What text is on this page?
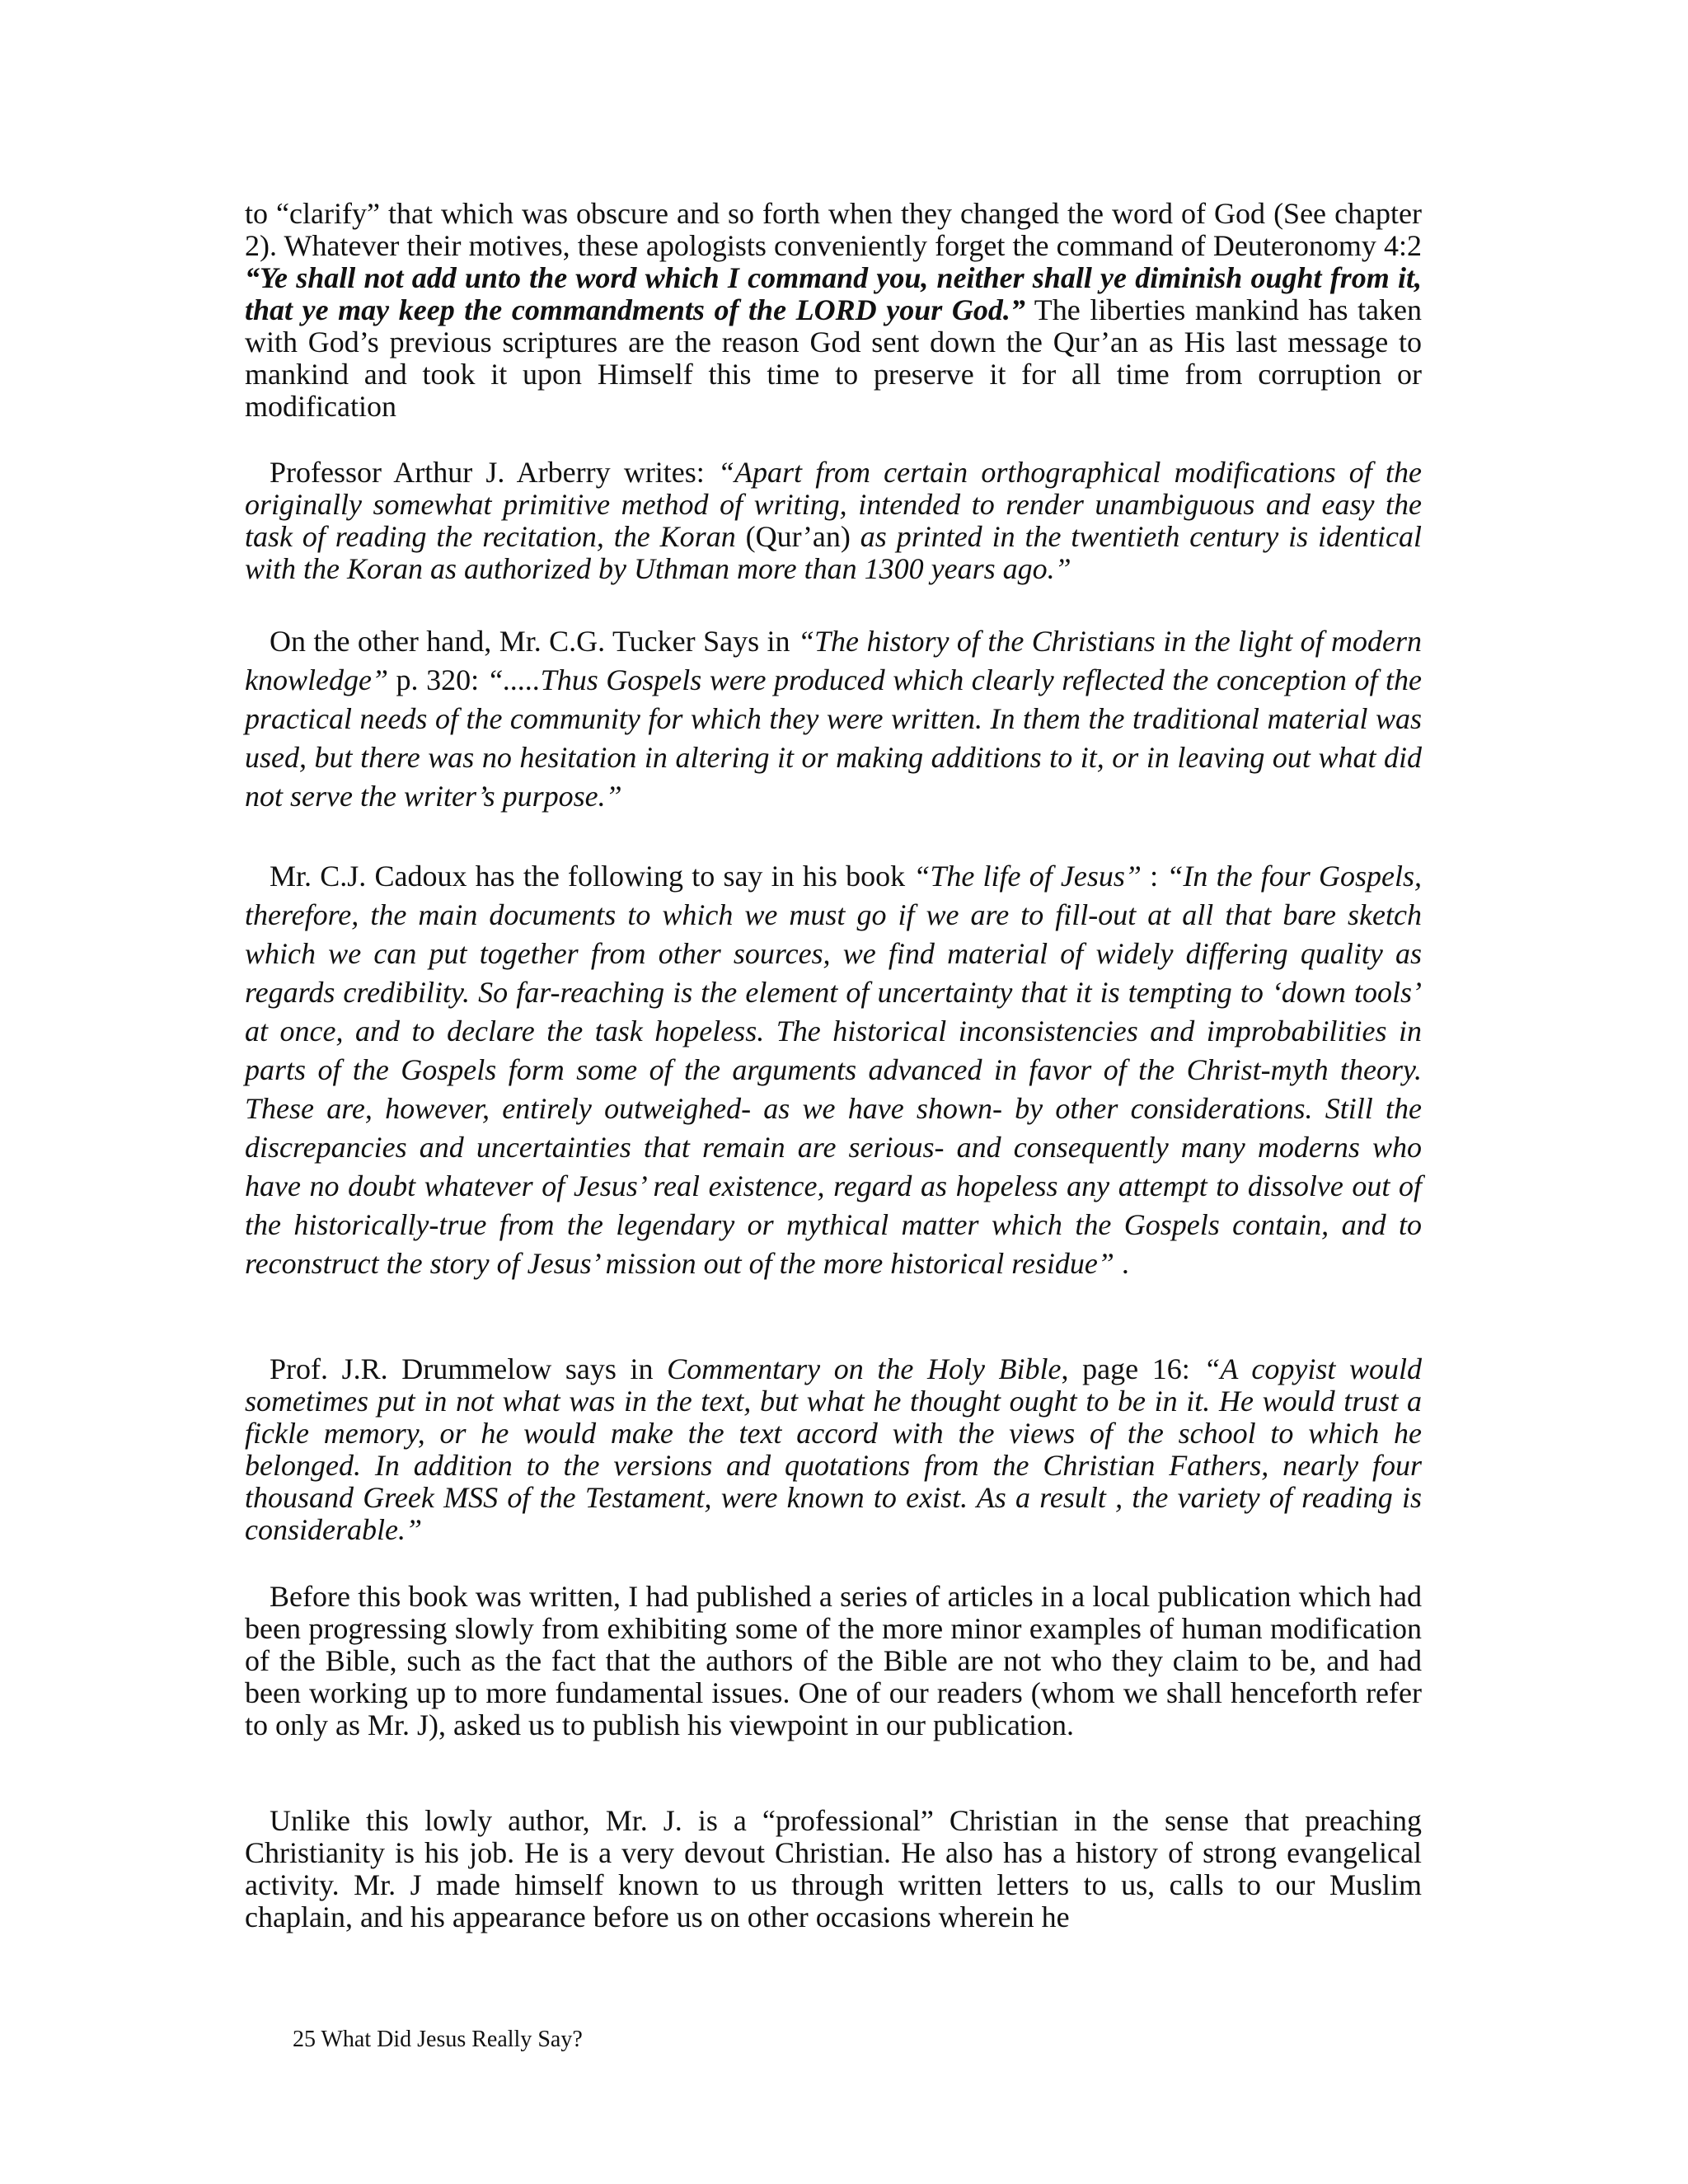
to “clarify” that which was obscure and so forth when they changed the word of God (See chapter 2). Whatever their motives, these apologists conveniently forget the command of Deuteronomy 4:2 “Ye shall not add unto the word which I command you, neither shall ye diminish ought from it, that ye may keep the commandments of the LORD your God.” The liberties mankind has taken with God’s previous scriptures are the reason God sent down the Qur’an as His last message to mankind and took it upon Himself this time to preserve it for all time from corruption or modification

Professor Arthur J. Arberry writes: “Apart from certain orthographical modifications of the originally somewhat primitive method of writing, intended to render unambiguous and easy the task of reading the recitation, the Koran (Qur’an) as printed in the twentieth century is identical with the Koran as authorized by Uthman more than 1300 years ago.”

On the other hand, Mr. C.G. Tucker Says in “The history of the Christians in the light of modern knowledge” p. 320: “.....Thus Gospels were produced which clearly reflected the conception of the practical needs of the community for which they were written. In them the traditional material was used, but there was no hesitation in altering it or making additions to it, or in leaving out what did not serve the writer’s purpose.”

Mr. C.J. Cadoux has the following to say in his book “The life of Jesus” : “In the four Gospels, therefore, the main documents to which we must go if we are to fill-out at all that bare sketch which we can put together from other sources, we find material of widely differing quality as regards credibility. So far-reaching is the element of uncertainty that it is tempting to ‘down tools’ at once, and to declare the task hopeless. The historical inconsistencies and improbabilities in parts of the Gospels form some of the arguments advanced in favor of the Christ-myth theory. These are, however, entirely outweighed- as we have shown- by other considerations. Still the discrepancies and uncertainties that remain are serious- and consequently many moderns who have no doubt whatever of Jesus’ real existence, regard as hopeless any attempt to dissolve out of the historically-true from the legendary or mythical matter which the Gospels contain, and to reconstruct the story of Jesus’ mission out of the more historical residue” .

Prof. J.R. Drummelow says in Commentary on the Holy Bible, page 16: “A copyist would sometimes put in not what was in the text, but what he thought ought to be in it. He would trust a fickle memory, or he would make the text accord with the views of the school to which he belonged. In addition to the versions and quotations from the Christian Fathers, nearly four thousand Greek MSS of the Testament, were known to exist. As a result , the variety of reading is considerable.”

Before this book was written, I had published a series of articles in a local publication which had been progressing slowly from exhibiting some of the more minor examples of human modification of the Bible, such as the fact that the authors of the Bible are not who they claim to be, and had been working up to more fundamental issues. One of our readers (whom we shall henceforth refer to only as Mr. J), asked us to publish his viewpoint in our publication.

Unlike this lowly author, Mr. J. is a “professional” Christian in the sense that preaching Christianity is his job. He is a very devout Christian. He also has a history of strong evangelical activity. Mr. J made himself known to us through written letters to us, calls to our Muslim chaplain, and his appearance before us on other occasions wherein he

25 What Did Jesus Really Say?
